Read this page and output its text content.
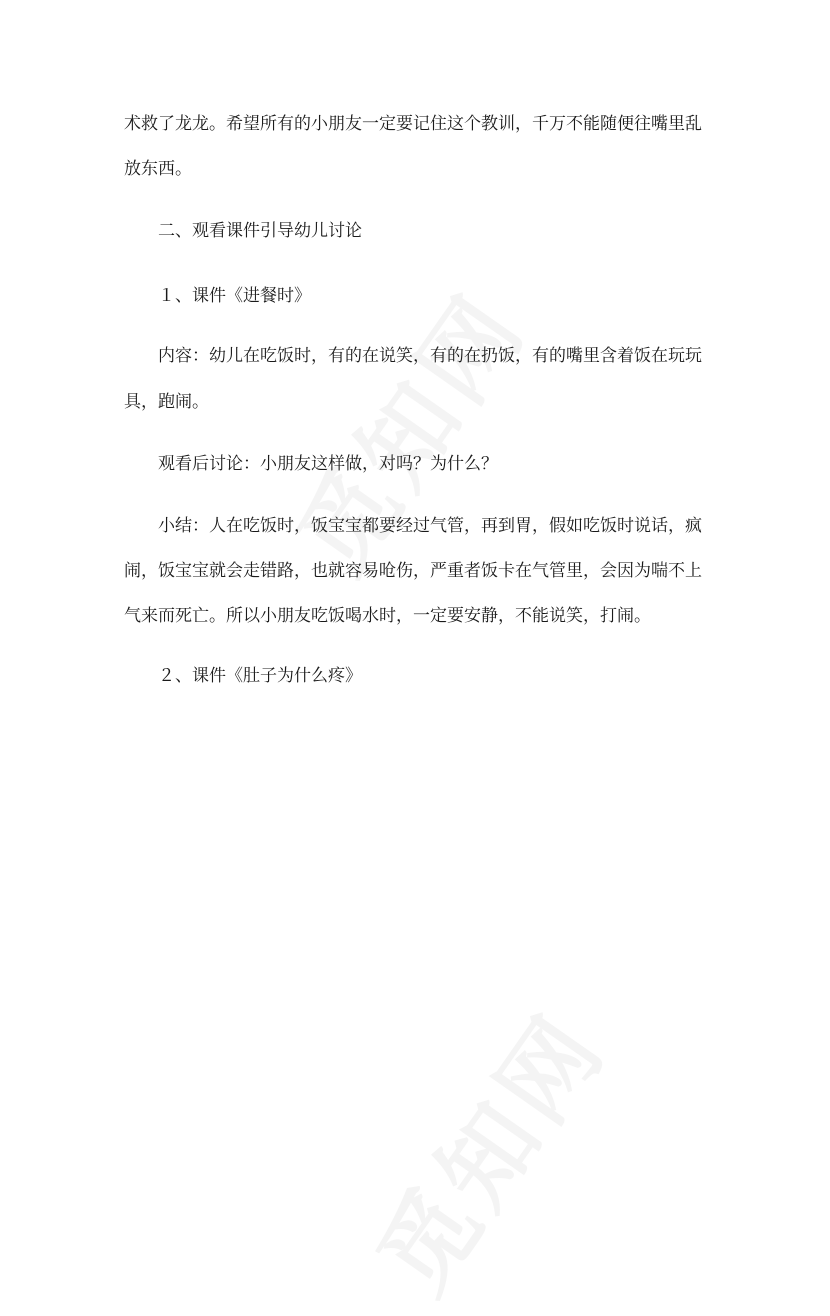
术救了龙龙。希望所有的小朋友一定要记住这个教训，千万不能随便往嘴里乱
放东西。
二、观看课件引导幼儿讨论
１、课件《进餐时》
内容：幼儿在吃饭时，有的在说笑，有的在扔饭，有的嘴里含着饭在玩玩
具，跑闹。
观看后讨论：小朋友这样做，对吗？为什么？
小结：人在吃饭时，饭宝宝都要经过气管，再到胃，假如吃饭时说话，疯
闹，饭宝宝就会走错路，也就容易呛伤，严重者饭卡在气管里，会因为喘不上
气来而死亡。所以小朋友吃饭喝水时，一定要安静，不能说笑，打闹。
２、课件《肚子为什么疼》
